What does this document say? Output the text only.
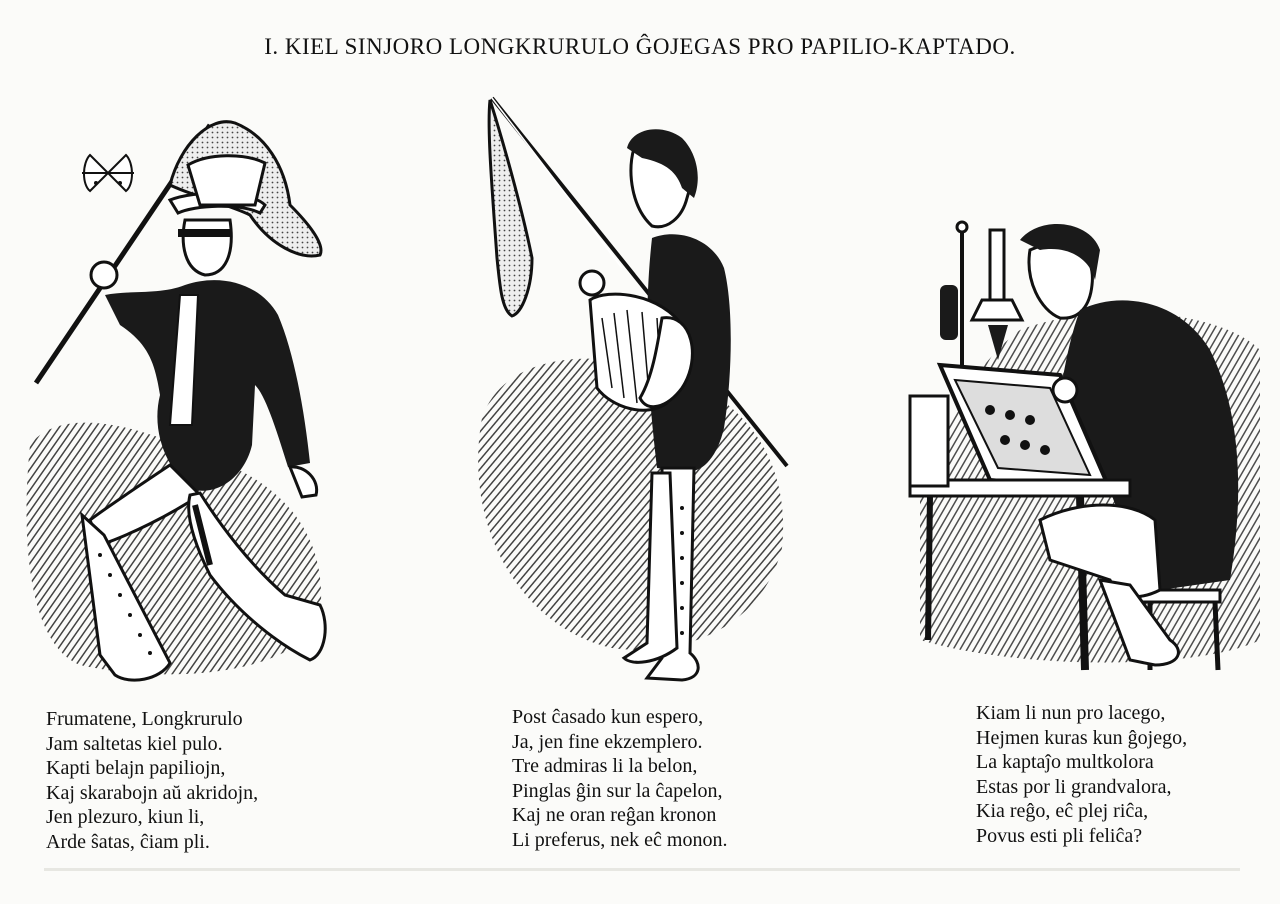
I. KIEL SINJORO LONGKRURULO ĜOJEGAS PRO PAPILIO-KAPTADO.
Frumatene, Longkrurulo
Jam saltetas kiel pulo.
Kapti belajn papiliojn,
Kaj skarabojn aŭ akridojn,
Jen plezuro, kiun li,
Arde ŝatas, ĉiam pli.
Post ĉasado kun espero,
Ja, jen fine ekzemplero.
Tre admiras li la belon,
Pinglas ĝin sur la ĉapelon,
Kaj ne oran reĝan kronon
Li preferus, nek eĉ monon.
Kiam li nun pro lacego,
Hejmen kuras kun ĝojego,
La kaptaĵo multkolora
Estas por li grandvalora,
Kia reĝo, eĉ plej riĉa,
Povus esti pli feliĉa?
